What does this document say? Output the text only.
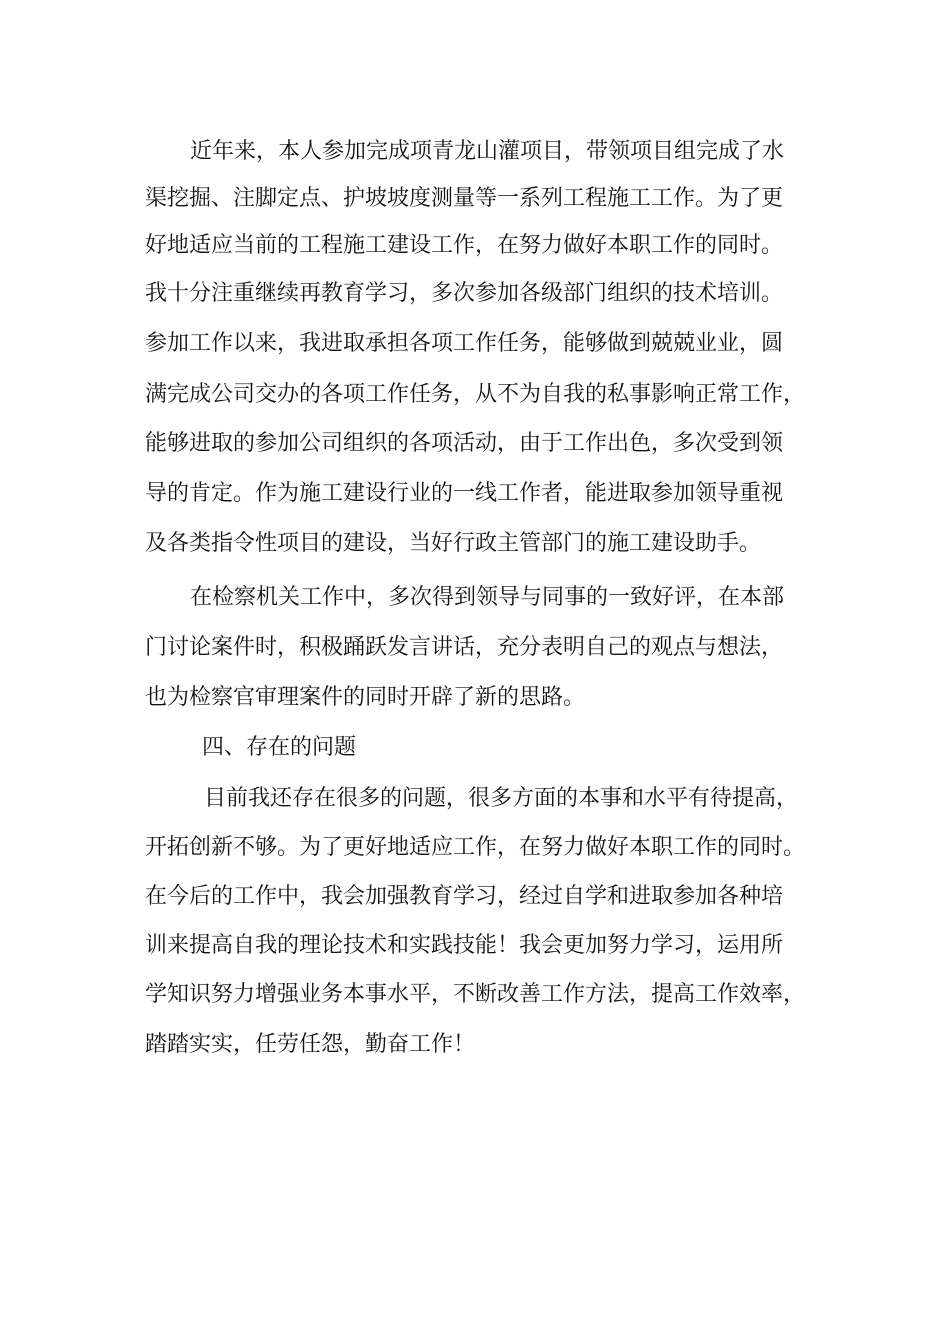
近年来，本人参加完成项青龙山灌项目，带领项目组完成了水
渠挖掘、注脚定点、护坡坡度测量等一系列工程施工工作。为了更
好地适应当前的工程施工建设工作，在努力做好本职工作的同时。
我十分注重继续再教育学习，多次参加各级部门组织的技术培训。
参加工作以来，我进取承担各项工作任务，能够做到兢兢业业，圆
满完成公司交办的各项工作任务，从不为自我的私事影响正常工作，
能够进取的参加公司组织的各项活动，由于工作出色，多次受到领
导的肯定。作为施工建设行业的一线工作者，能进取参加领导重视
及各类指令性项目的建设，当好行政主管部门的施工建设助手。
在检察机关工作中，多次得到领导与同事的一致好评，在本部
门讨论案件时，积极踊跃发言讲话，充分表明自己的观点与想法，
也为检察官审理案件的同时开辟了新的思路。
四、存在的问题
目前我还存在很多的问题，很多方面的本事和水平有待提高，
开拓创新不够。为了更好地适应工作，在努力做好本职工作的同时。
在今后的工作中，我会加强教育学习，经过自学和进取参加各种培
训来提高自我的理论技术和实践技能！我会更加努力学习，运用所
学知识努力增强业务本事水平，不断改善工作方法，提高工作效率，
踏踏实实，任劳任怨，勤奋工作！
